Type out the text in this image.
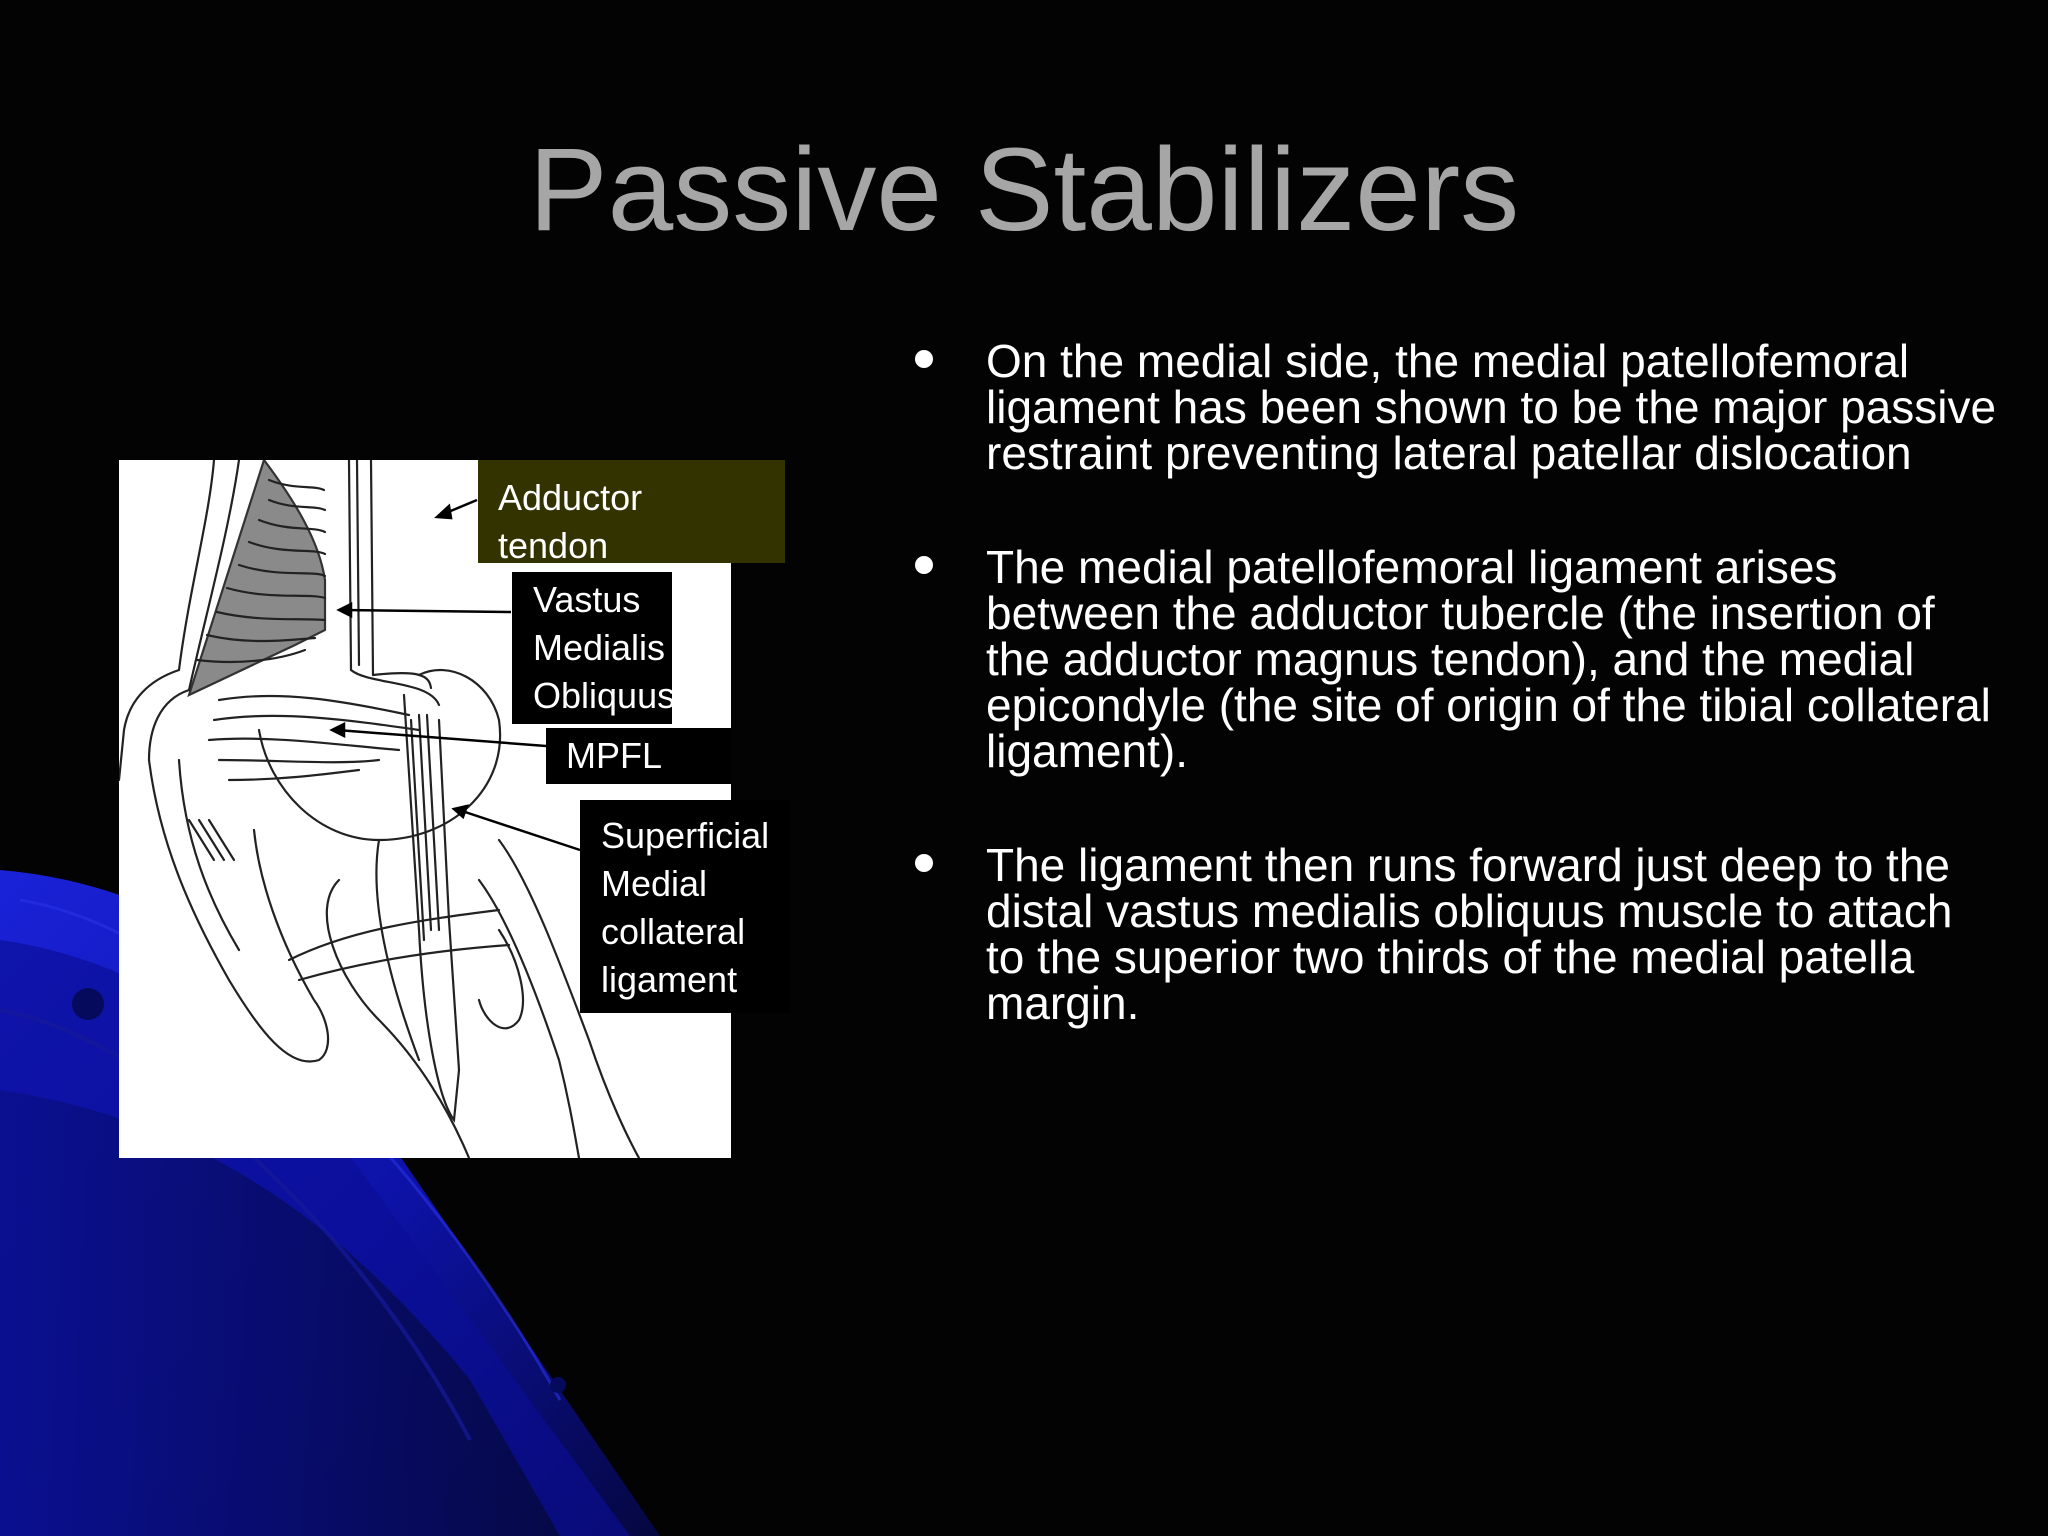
Passive Stabilizers
Adductor
tendon
Vastus
Medialis
Obliquus
MPFL
Superficial
Medial
collateral
ligament
On the medial side, the medial patellofemoral ligament has been shown to be the major passive restraint preventing lateral patellar dislocation
The medial patellofemoral ligament arises between the adductor tubercle (the insertion of the adductor magnus tendon), and the medial epicondyle (the site of origin of the tibial collateral ligament).
The ligament then runs forward just deep to the distal vastus medialis obliquus muscle to attach to the superior two thirds of the medial patella margin.
